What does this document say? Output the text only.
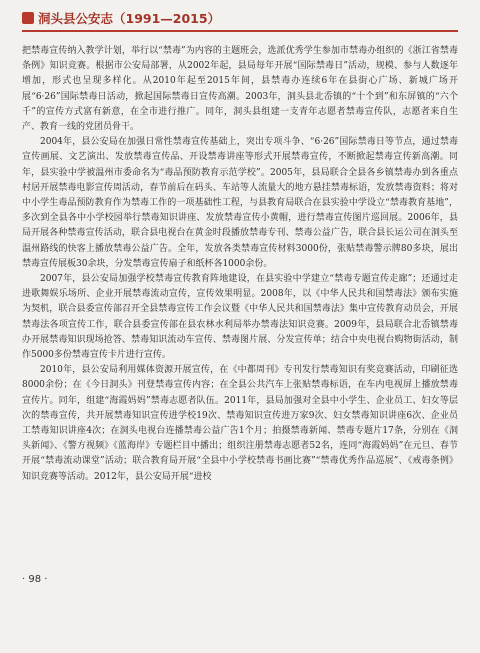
洞头县公安志（1991—2015）

把禁毒宣传纳入教学计划，举行以“禁毒”为内容的主题班会，选派优秀学生参加市禁毒办组织的《浙江省禁毒条例》知识竞赛。根据市公安局部署，从2002年起，县局每年开展“国际禁毒日”活动，规模、参与人数逐年增加，形式也呈现多样化。从2010年起至2015年间，县禁毒办连续6年在县街心广场、新城广场开展“6·26”国际禁毒日活动，掀起国际禁毒日宣传高潮。2003年，洞头县北岙镇的“十个到”和东屏镇的“六个千”的宣传方式富有新意，在全市进行推广。同年，洞头县组建一支青年志愿者禁毒宣传队，志愿者来自生产、教育一线的党团员骨干。

2004年，县公安局在加强日常性禁毒宣传基础上，突出专项斗争、“6·26”国际禁毒日等节点，通过禁毒宣传画展、文艺演出、发放禁毒宣传品、开设禁毒讲座等形式开展禁毒宣传，不断掀起禁毒宣传新高潮。同年，县实验中学被温州市委命名为“毒品预防教育示范学校”。2005年，县局联合全县各乡镇禁毒办到各重点村居开展禁毒电影宣传周活动，春节前后在码头、车站等人流量大的地方悬挂禁毒标语，发放禁毒资料；将对中小学生毒品预防教育作为禁毒工作的一项基础性工程，与县教育局联合在县实验中学设立“禁毒教育基地”，多次到全县各中小学校园举行禁毒知识讲座、发放禁毒宣传小黄帽，进行禁毒宣传图片巡回展。2006年，县局开展各种禁毒宣传活动，联合县电视台在黄金时段播放禁毒专刊、禁毒公益广告，联合县长运公司在洞头至温州路线的快客上播放禁毒公益广告。全年，发放各类禁毒宣传材料3000份，张贴禁毒警示牌80多块，展出禁毒宣传展板30余块，分发禁毒宣传扇子和纸杯各1000余份。

2007年，县公安局加强学校禁毒宣传教育阵地建设，在县实验中学建立“禁毒专题宣传走廊”；还通过走进歌舞娱乐场所、企业开展禁毒流动宣传，宣传效果明显。2008年，以《中华人民共和国禁毒法》颁布实施为契机，联合县委宣传部召开全县禁毒宣传工作会议暨《中华人民共和国禁毒法》集中宣传教育动员会，开展禁毒法各项宣传工作，联合县委宣传部在县农林水利局举办禁毒法知识竞赛。2009年，县局联合北岙镇禁毒办开展禁毒知识现场抢答、禁毒知识流动车宣传、禁毒图片展、分发宣传单；结合中央电视台购物街活动，制作5000多份禁毒宣传卡片进行宣传。

2010年，县公安局利用媒体资源开展宣传，在《中都周刊》专刊发行禁毒知识有奖竞赛活动，印刷征选8000余份；在《今日洞头》刊登禁毒宣传内容；在全县公共汽车上张贴禁毒标语，在车内电视屏上播放禁毒宣传片。同年，组建“海霞妈妈”禁毒志愿者队伍。2011年，县局加强对全县中小学生、企业员工、妇女等层次的禁毒宣传，共开展禁毒知识宣传进学校19次、禁毒知识宣传进万家9次、妇女禁毒知识讲座6次、企业员工禁毒知识讲座4次；在洞头电视台连播禁毒公益广告1个月；拍摄禁毒新闻、禁毒专题片17条，分别在《洞头新闻》、《警方视频》《蓝海岸》专题栏目中播出；组织注册禁毒志愿者52名，连同“海霞妈妈”在元旦、春节开展“禁毒流动课堂”活动；联合教育局开展“全县中小学校禁毒书画比赛”“禁毒优秀作品巡展”、《戒毒条例》知识竞赛等活动。2012年，县公安局开展“进校

· 98 ·
